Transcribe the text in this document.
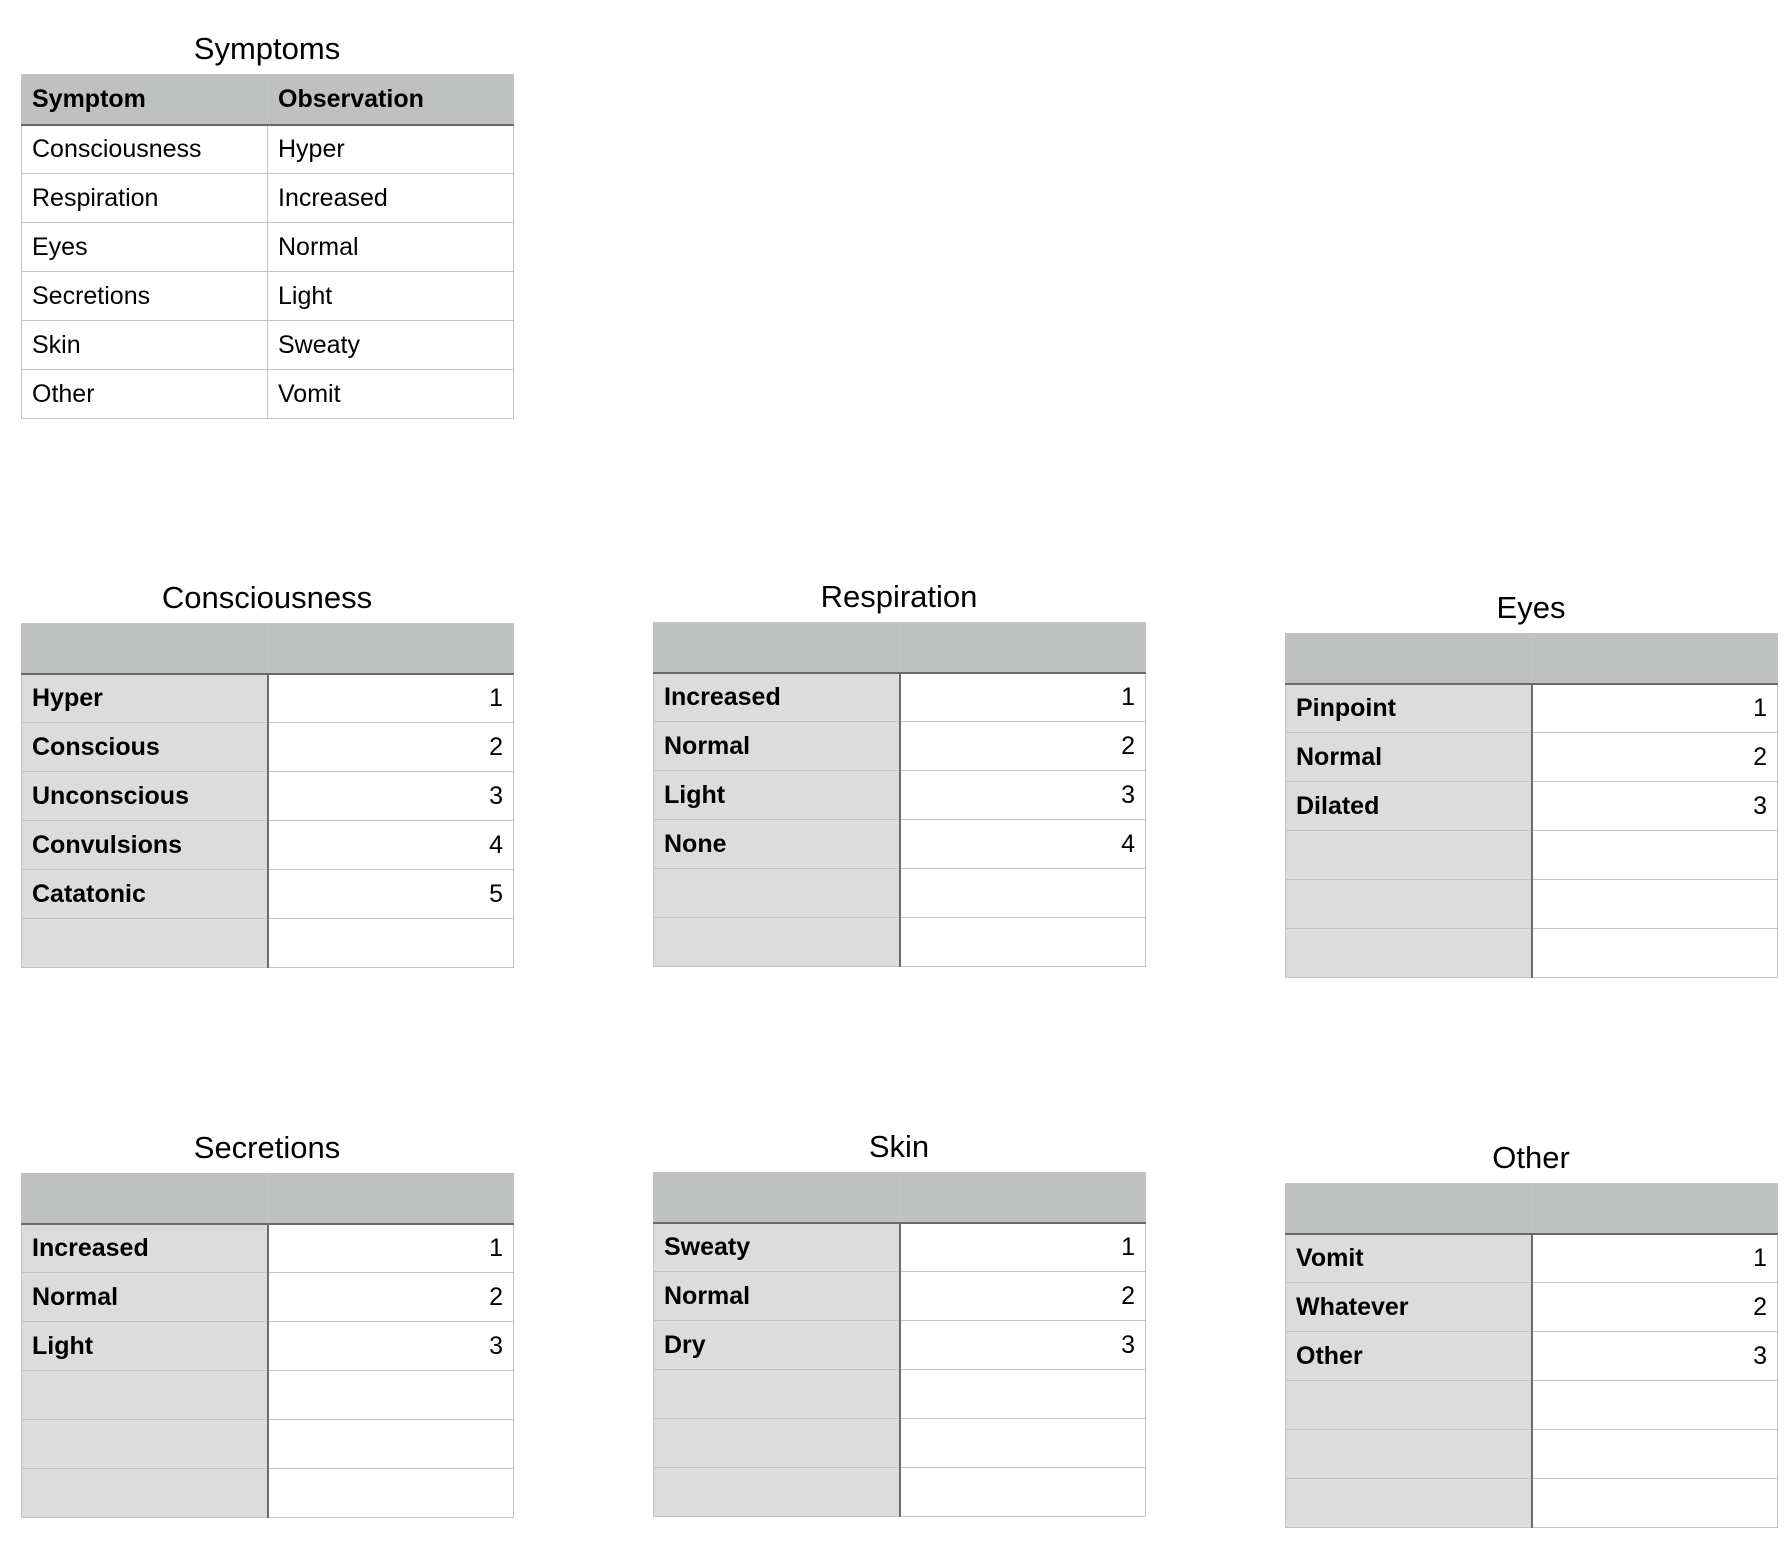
Symptoms
Symptom	Observation
Consciousness	Hyper
Respiration	Increased
Eyes	Normal
Secretions	Light
Skin	Sweaty
Other	Vomit
Consciousness

Hyper	1
Conscious	2
Unconscious	3
Convulsions	4
Catatonic	5

Respiration

Increased	1
Normal	2
Light	3
None	4

Eyes

Pinpoint	1
Normal	2
Dilated	3

Secretions

Increased	1
Normal	2
Light	3

Skin

Sweaty	1
Normal	2
Dry	3

Other

Vomit	1
Whatever	2
Other	3
